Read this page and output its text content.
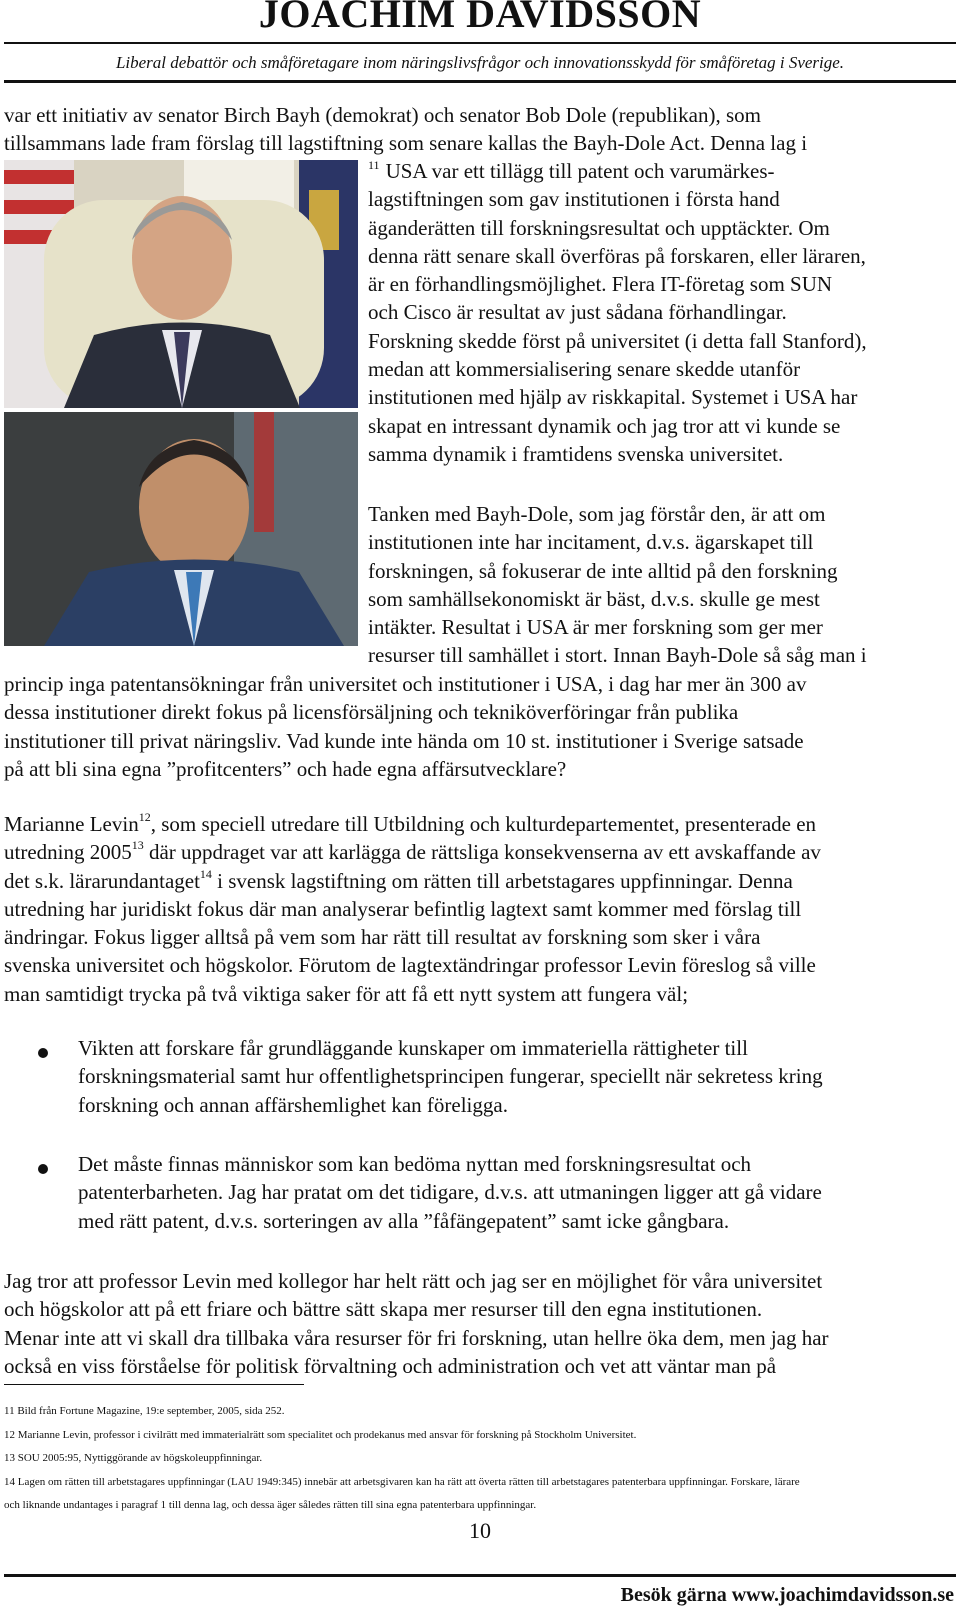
JOACHIM DAVIDSSON
Liberal debattör och småföretagare inom näringslivsfrågor och innovationsskydd för småföretag i Sverige.
var ett initiativ av senator Birch Bayh (demokrat) och senator Bob Dole (republikan), som
tillsammans lade fram förslag till lagstiftning som senare kallas the Bayh-Dole Act. Denna lag i
$^{11}$ USA var ett tillägg till patent och varumärkes-
lagstiftningen som gav institutionen i första hand
äganderätten till forskningsresultat och upptäckter. Om
denna rätt senare skall överföras på forskaren, eller läraren,
är en förhandlingsmöjlighet. Flera IT-företag som SUN
och Cisco är resultat av just sådana förhandlingar.
Forskning skedde först på universitet (i detta fall Stanford),
medan att kommersialisering senare skedde utanför
institutionen med hjälp av riskkapital. Systemet i USA har
skapat en intressant dynamik och jag tror att vi kunde se
samma dynamik i framtidens svenska universitet.
Tanken med Bayh-Dole, som jag förstår den, är att om
institutionen inte har incitament, d.v.s. ägarskapet till
forskningen, så fokuserar de inte alltid på den forskning
som samhällsekonomiskt är bäst, d.v.s. skulle ge mest
intäkter. Resultat i USA är mer forskning som ger mer
resurser till samhället i stort. Innan Bayh-Dole så såg man i
princip inga patentansökningar från universitet och institutioner i USA, i dag har mer än 300 av
dessa institutioner direkt fokus på licensförsäljning och tekniköverföringar från publika
institutioner till privat näringsliv. Vad kunde inte hända om 10 st. institutioner i Sverige satsade
på att bli sina egna ”profitcenters” och hade egna affärsutvecklare?
Marianne Levin$^{12}$, som speciell utredare till Utbildning och kulturdepartementet, presenterade en
utredning 2005$^{13}$ där uppdraget var att karlägga de rättsliga konsekvenserna av ett avskaffande av
det s.k. lärarundantaget$^{14}$ i svensk lagstiftning om rätten till arbetstagares uppfinningar. Denna
utredning har juridiskt fokus där man analyserar befintlig lagtext samt kommer med förslag till
ändringar. Fokus ligger alltså på vem som har rätt till resultat av forskning som sker i våra
svenska universitet och högskolor. Förutom de lagtextändringar professor Levin föreslog så ville
man samtidigt trycka på två viktiga saker för att få ett nytt system att fungera väl;
Vikten att forskare får grundläggande kunskaper om immateriella rättigheter till
forskningsmaterial samt hur offentlighetsprincipen fungerar, speciellt när sekretess kring
forskning och annan affärshemlighet kan föreligga.
Det måste finnas människor som kan bedöma nyttan med forskningsresultat och
patenterbarheten. Jag har pratat om det tidigare, d.v.s. att utmaningen ligger att gå vidare
med rätt patent, d.v.s. sorteringen av alla ”fåfängepatent” samt icke gångbara.
Jag tror att professor Levin med kollegor har helt rätt och jag ser en möjlighet för våra universitet
och högskolor att på ett friare och bättre sätt skapa mer resurser till den egna institutionen.
Menar inte att vi skall dra tillbaka våra resurser för fri forskning, utan hellre öka dem, men jag har
också en viss förståelse för politisk förvaltning och administration och vet att väntar man på
11 Bild från Fortune Magazine, 19:e september, 2005, sida 252.
12 Marianne Levin, professor i civilrätt med immaterialrätt som specialitet och prodekanus med ansvar för forskning på Stockholm Universitet.
13 SOU 2005:95, Nyttiggörande av högskoleuppfinningar.
14 Lagen om rätten till arbetstagares uppfinningar (LAU 1949:345) innebär att arbetsgivaren kan ha rätt att överta rätten till arbetstagares patenterbara uppfinningar. Forskare, lärare
och liknande undantages i paragraf 1 till denna lag, och dessa äger således rätten till sina egna patenterbara uppfinningar.
10
Besök gärna www.joachimdavidsson.se
